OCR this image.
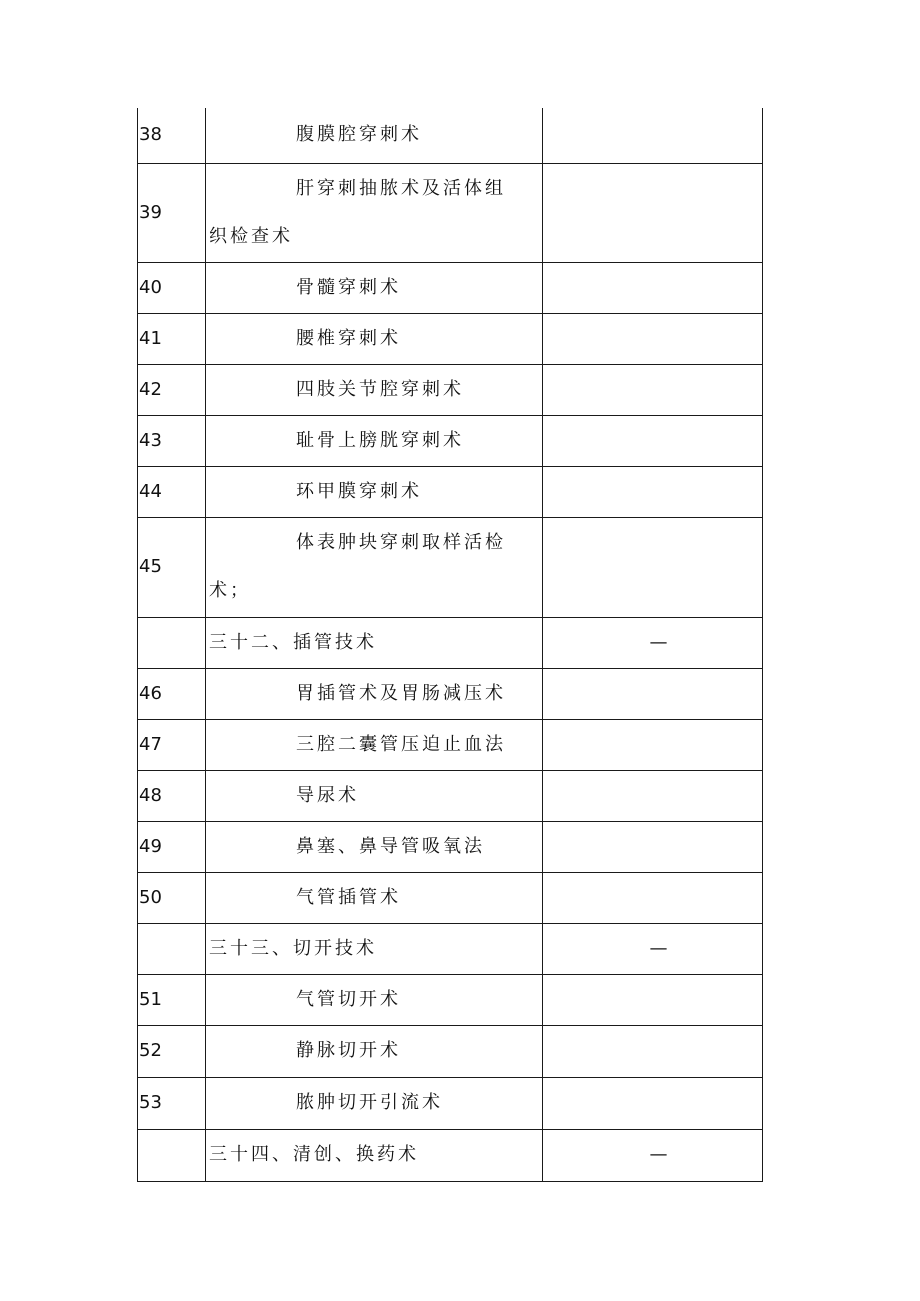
38	腹膜腔穿刺术	
39	肝穿刺抽脓术及活体组织检查术	
40	骨髓穿刺术	
41	腰椎穿刺术	
42	四肢关节腔穿刺术	
43	耻骨上膀胱穿刺术	
44	环甲膜穿刺术	
45	体表肿块穿刺取样活检术；	
	三十二、插管技术	—
46	胃插管术及胃肠减压术	
47	三腔二囊管压迫止血法	
48	导尿术	
49	鼻塞、鼻导管吸氧法	
50	气管插管术	
	三十三、切开技术	—
51	气管切开术	
52	静脉切开术	
53	脓肿切开引流术	
	三十四、清创、换药术	—
